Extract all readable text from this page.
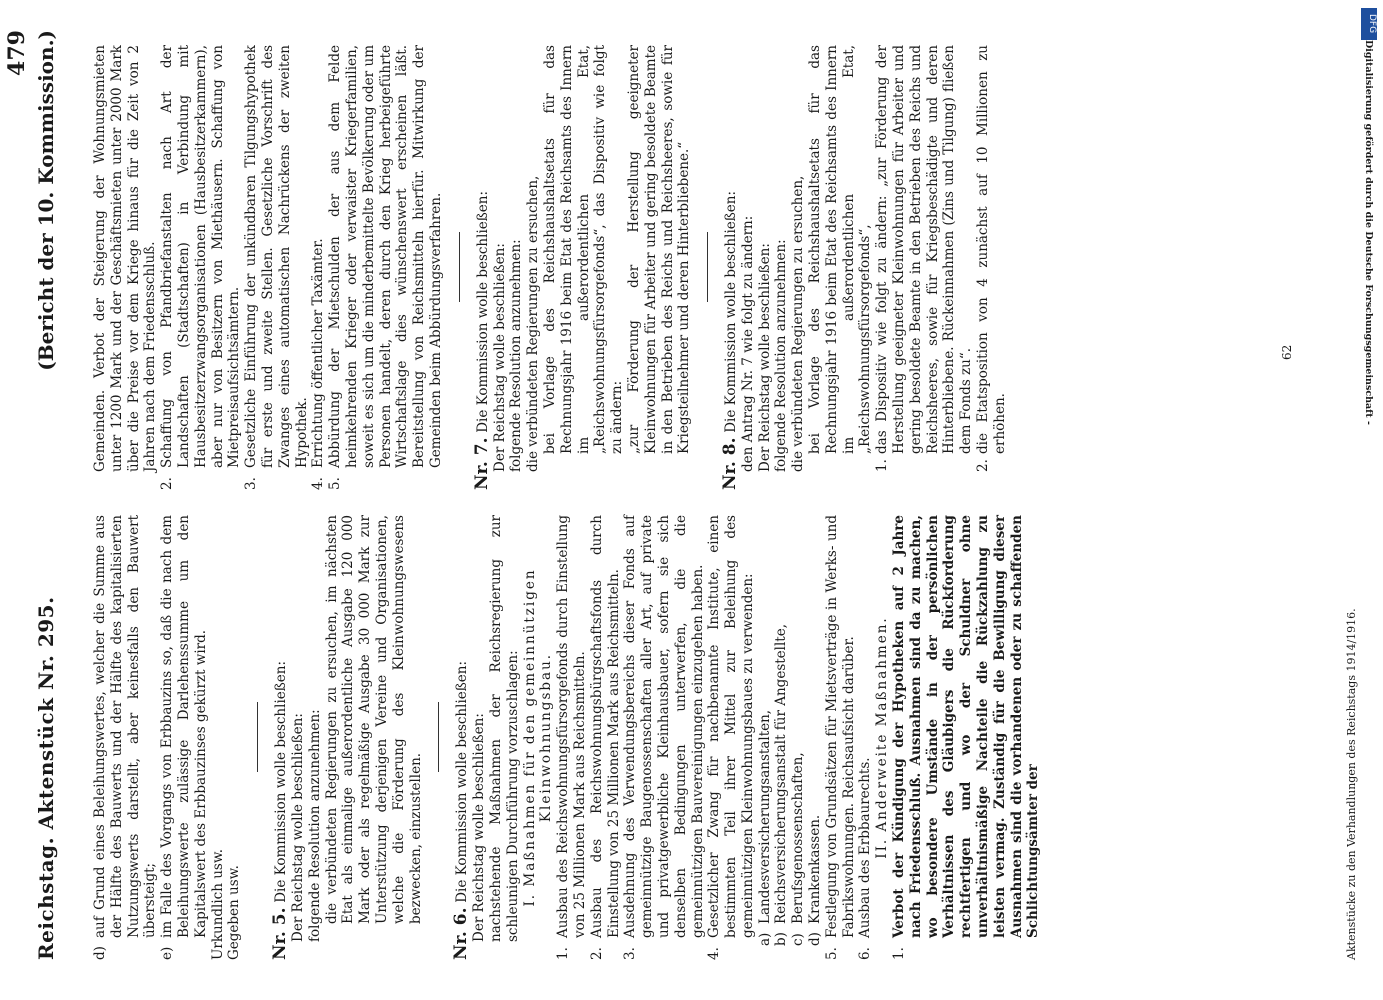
Reichstag. Aktenstück Nr. 295.
(Bericht der 10. Kommission.)
479

d)
auf Grund eines Beleihungswertes, welcher die Summe aus der Hälfte des Bauwerts und der Hälfte des kapitalisierten Nutzungswerts darstellt, aber keinesfalls den Bauwert übersteigt;

e)
im Falle des Vorgangs von Erbbauzins so, daß die nach dem Beleihungswerte zulässige Darlehenssumme um den Kapitalswert des Erbbauzinses gekürzt wird. Urkundlich usw. Gegeben usw. Nr. 5. Die Kommission wolle beschließen: Der Reichstag wolle beschließen: folgende Resolution anzunehmen: die verbündeten Regierungen zu ersuchen, im nächsten Etat als einmalige außerordentliche Ausgabe 120 000 Mark oder als regelmäßige Ausgabe 30 000 Mark zur Unterstützung derjenigen Vereine und Organisationen, welche die Förderung des Kleinwohnungswesens bezwecken, einzustellen.

Nr. 6. Die Kommission wolle beschließen: Der Reichstag wolle beschließen: nachstehende Maßnahmen der Reichsregierung zur schleunigen Durchführung vorzuschlagen: I. Maßnahmen für den gemeinnützigen Kleinwohnungsbau.

1.
Ausbau des Reichswohnungsfürsorgefonds durch Einstellung von 25 Millionen Mark aus Reichsmitteln.

2.
Ausbau des Reichswohnungsbürgschaftsfonds durch Einstellung von 25 Millionen Mark aus Reichsmitteln.

3.
Ausdehnung des Verwendungsbereichs dieser Fonds auf gemeinnützige Baugenossenschaften aller Art, auf private und privatgewerbliche Kleinhausbauer, sofern sie sich denselben Bedingungen unterwerfen, die die gemeinnützigen Bauvereinigungen einzugehen haben.

4.
Gesetzlicher Zwang für nachbenannte Institute, einen bestimmten Teil ihrer Mittel zur Beleihung des gemeinnützigen Kleinwohnungsbaues zu verwenden:

a)
Landesversicherungsanstalten,

b)
Reichsversicherungsanstalt für Angestellte,

c)
Berufsgenossenschaften,

d)
Krankenkassen.

5.
Festlegung von Grundsätzen für Mietsverträge in Werks- und Fabrikswohnungen. Reichsaufsicht darüber.

6.
Ausbau des Erbbaurechts. II. Anderweite Maßnahmen.

1.
Verbot der Kündigung der Hypotheken auf 2 Jahre nach Friedensschluß. Ausnahmen sind da zu machen, wo besondere Umstände in der persönlichen Verhältnissen des Gläubigers die Rückforderung rechtfertigen und wo der Schuldner ohne unverhältnismäßige Nachteile die Rückzahlung zu leisten vermag. Zuständig für die Bewilligung dieser Ausnahmen sind die vorhandenen oder zu schaffenden Schlichtungsämter der

Gemeinden. Verbot der Steigerung der Wohnungsmieten unter 1200 Mark und der Geschäftsmieten unter 2000 Mark über die Preise vor dem Kriege hinaus für die Zeit von 2 Jahren nach dem Friedensschluß.

2.
Schaffung von Pfandbriefanstalten nach Art der Landschaften (Stadtschaften) in Verbindung mit Hausbesitzerzwangsorganisationen (Hausbesitzerkammern), aber nur von Besitzern von Miethäusern. Schaffung von Mietpreisaufsichtsämtern.

3.
Gesetzliche Einführung der unkündbaren Tilgungshypothek für erste und zweite Stellen. Gesetzliche Vorschrift des Zwanges eines automatischen Nachrückens der zweiten Hypothek.

4.
Errichtung öffentlicher Taxämter.

5.
Abbürdung der Mietschulden der aus dem Felde heimkehrenden Krieger oder verwaister Kriegerfamilien, soweit es sich um die minderbemittelte Bevölkerung oder um Personen handelt, deren durch den Krieg herbeigeführte Wirtschaftslage dies wünschenswert erscheinen läßt. Bereitstellung von Reichsmitteln hierfür. Mitwirkung der Gemeinden beim Abbürdungsverfahren. Nr. 7. Die Kommission wolle beschließen: Der Reichstag wolle beschließen: folgende Resolution anzunehmen: die verbündeten Regierungen zu ersuchen, bei Vorlage des Reichshaushaltsetats für das Rechnungsjahr 1916 beim Etat des Reichsamts des Innern im außerordentlichen Etat, „Reichswohnungsfürsorgefonds“, das Dispositiv wie folgt zu ändern: „zur Förderung der Herstellung geeigneter Kleinwohnungen für Arbeiter und gering besoldete Beamte in den Betrieben des Reichs und Reichsheeres, sowie für Kriegsteilnehmer und deren Hinterbliebene.“

Nr. 8. Die Kommission wolle beschließen: den Antrag Nr. 7 wie folgt zu ändern: Der Reichstag wolle beschließen: folgende Resolution anzunehmen: die verbündeten Regierungen zu ersuchen, bei Vorlage des Reichshaushaltsetats für das Rechnungsjahr 1916 beim Etat des Reichsamts des Innern im außerordentlichen Etat, „Reichswohnungsfürsorgefonds“,

1.
das Dispositiv wie folgt zu ändern: „zur Förderung der Herstellung geeigneter Kleinwohnungen für Arbeiter und gering besoldete Beamte in den Betrieben des Reichs und Reichsheeres, sowie für Kriegsbeschädigte und deren Hinterbliebene. Rückeinnahmen (Zins und Tilgung) fließen dem Fonds zu“.

2.
die Etatsposition von 4 zunächst auf 10 Millionen zu erhöhen.

Aktenstücke zu den Verhandlungen des Reichstags 1914/1916.
62
DFG
Digitalisierung gefördert durch die Deutsche Forschungsgemeinschaft -
